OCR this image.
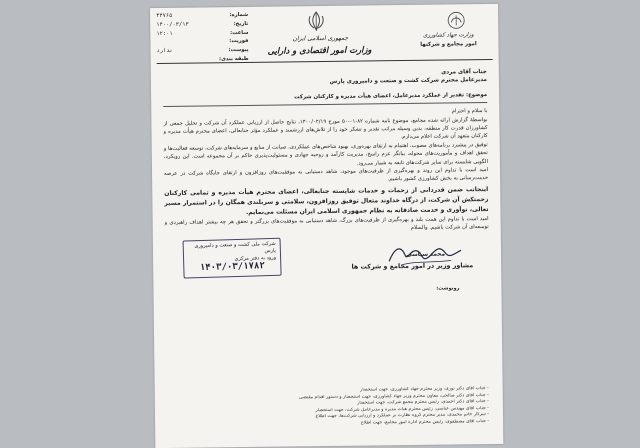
شماره:
۴۳۷۶۵
تاریخ:
۱۴۰۰/۰۳/۱۳
ساعت:
۱۲:۰۱
فوریت:
پیوست:
ندارد
طبقه بندی:
جمهوری اسلامی ایران
وزارت امور اقتصادی و دارایی
وزارت جهاد کشاورزی
امور مجامع و شرکتها

جناب آقای مردی

مدیرعامل محترم شرکت کشت و صنعت و دامپروری پارس

موضوع: تقدیر از عملکرد مدیرعامل، اعضای هیأت مدیره و کارکنان شرکت

با سلام و احترام

بواسطهٔ گزارش ارائه شده مجامع، موضوع نامه شماره ۸۲-۰۱-۵۰ مورخ ۱۴۰۰/۰۲/۱۹، نتایج حاصل از ارزیابی عملکرد آن شرکت و تحلیل جمعی از کشاورزان قدرت کار منطقه، بدین وسیله مراتب تقدیر و تشکر خود را از تلاش‌های ارزشمند و عملکرد مؤثر جنابعالی، اعضای محترم هیأت مدیره و کارکنان متعهد آن شرکت اعلام می‌دارم.

توفیق در پیشبرد برنامه‌های مصوب، اهتمام به ارتقای بهره‌وری، بهبود شاخص‌های عملکردی، صیانت از منابع و سرمایه‌های شرکت، توسعه فعالیت‌ها و تحقق اهداف و مأموریت‌های محوله، بیانگر عزم راسخ، مدیریت کارآمد و روحیه جهادی و مسئولیت‌پذیری حاکم بر آن مجموعه است. این رویکرد، الگویی شایسته برای سایر شرکت‌های تابعه به شمار می‌رود.

امید است با تداوم این روند و بهره‌گیری از ظرفیت‌های موجود، شاهد دستیابی به موفقیت‌های روزافزون و ارتقای جایگاه شرکت در عرصه خدمت‌رسانی به بخش کشاورزی کشور باشیم.

اینجانب ضمن قدردانی از زحمات و خدمات شایسته جنابعالی، اعضای محترم هیأت مدیره و تمامی کارکنان زحمتکش آن شرکت، از درگاه خداوند متعال توفیق روزافزون، سلامتی و سربلندی همگان را در استمرار مسیر تعالی، نوآوری و خدمت صادقانه به نظام جمهوری اسلامی ایران مسئلت می‌نمایم.

امید است با تداوم این همت بلند و بهره‌گیری از ظرفیت‌های بزرگ، شاهد دستیابی به موفقیت‌های بزرگتر و تحقق هر چه بیشتر اهداف راهبردی و توسعه‌ای آن شرکت باشیم. والسلام

شرکت ملی کشت و صنعت و دامپروری
پارس
ورود به دفتر مرکزی
۱۴۰۳/۰۳/۱۷۸۲
محمد سیاسی
مشاور وزیر در امور مجامع و شرکت ها
رونوشت:
- جناب آقای دکتر نوری، وزیر محترم جهاد کشاورزی، جهت استحضار
- جناب آقای دکتر صالحی، معاون محترم وزیر جهاد کشاورزی، جهت استحضار و دستور اقدام مقتضی
- جناب آقای دکتر احمدی، رئیس محترم مجمع شرکت، جهت استحضار
- جناب آقای مهندس عباسی، رئیس محترم هیأت مدیره و مدیرعامل شرکت، جهت استحضار
- سرکار خانم محمدی، مدیر محترم گروه نظارت بر عملکرد و ارزیابی شرکت‌ها، جهت اطلاع
- جناب آقای مصطفوی، رئیس محترم اداره امور مجامع، جهت اطلاع
